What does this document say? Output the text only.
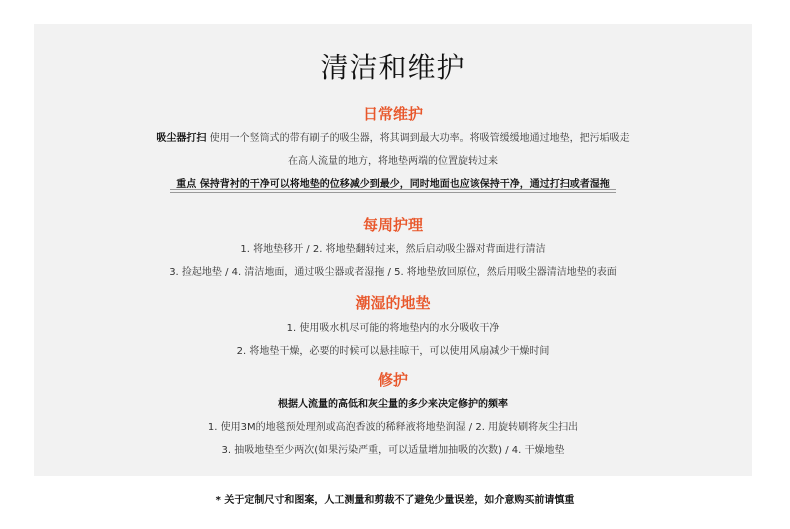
清洁和维护
日常维护
吸尘器打扫 使用一个竖筒式的带有刷子的吸尘器，将其调到最大功率。将吸管缓缓地通过地垫，把污垢吸走
在高人流量的地方，将地垫两端的位置旋转过来
重点 保持背衬的干净可以将地垫的位移减少到最少，同时地面也应该保持干净，通过打扫或者湿拖
每周护理
1. 将地垫移开 / 2. 将地垫翻转过来，然后启动吸尘器对背面进行清洁
3. 捡起地垫 / 4. 清洁地面，通过吸尘器或者湿拖 / 5. 将地垫放回原位，然后用吸尘器清洁地垫的表面
潮湿的地垫
1. 使用吸水机尽可能的将地垫内的水分吸收干净
2. 将地垫干燥，必要的时候可以悬挂晾干，可以使用风扇减少干燥时间
修护
根据人流量的高低和灰尘量的多少来决定修护的频率
1. 使用3M的地毯预处理剂或高泡香波的稀释液将地垫润湿 / 2. 用旋转刷将灰尘扫出
3. 抽吸地垫至少两次(如果污染严重，可以适量增加抽吸的次数) / 4. 干燥地垫
* 关于定制尺寸和图案，人工测量和剪裁不了避免少量误差，如介意购买前请慎重
